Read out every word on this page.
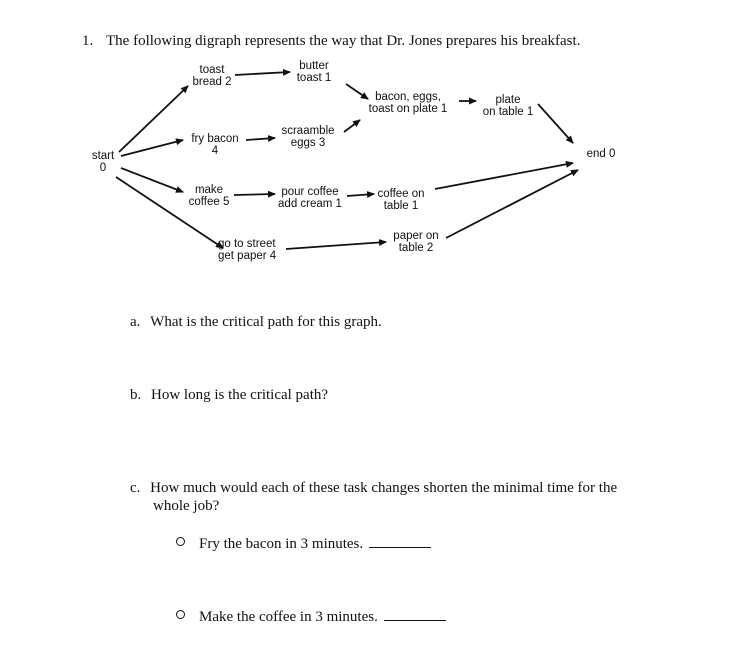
1. The following digraph represents the way that Dr. Jones prepares his breakfast.
start
0
toast
bread 2
butter
toast 1
bacon, eggs,
toast on plate 1
plate
on table 1
fry bacon
4
scraamble
eggs 3
end 0
make
coffee 5
pour coffee
add cream 1
coffee on
table 1
go to street
get paper 4
paper on
table 2
a. What is the critical path for this graph.
b. How long is the critical path?
c. How much would each of these task changes shorten the minimal time for the
whole job?
Fry the bacon in 3 minutes.
Make the coffee in 3 minutes.
